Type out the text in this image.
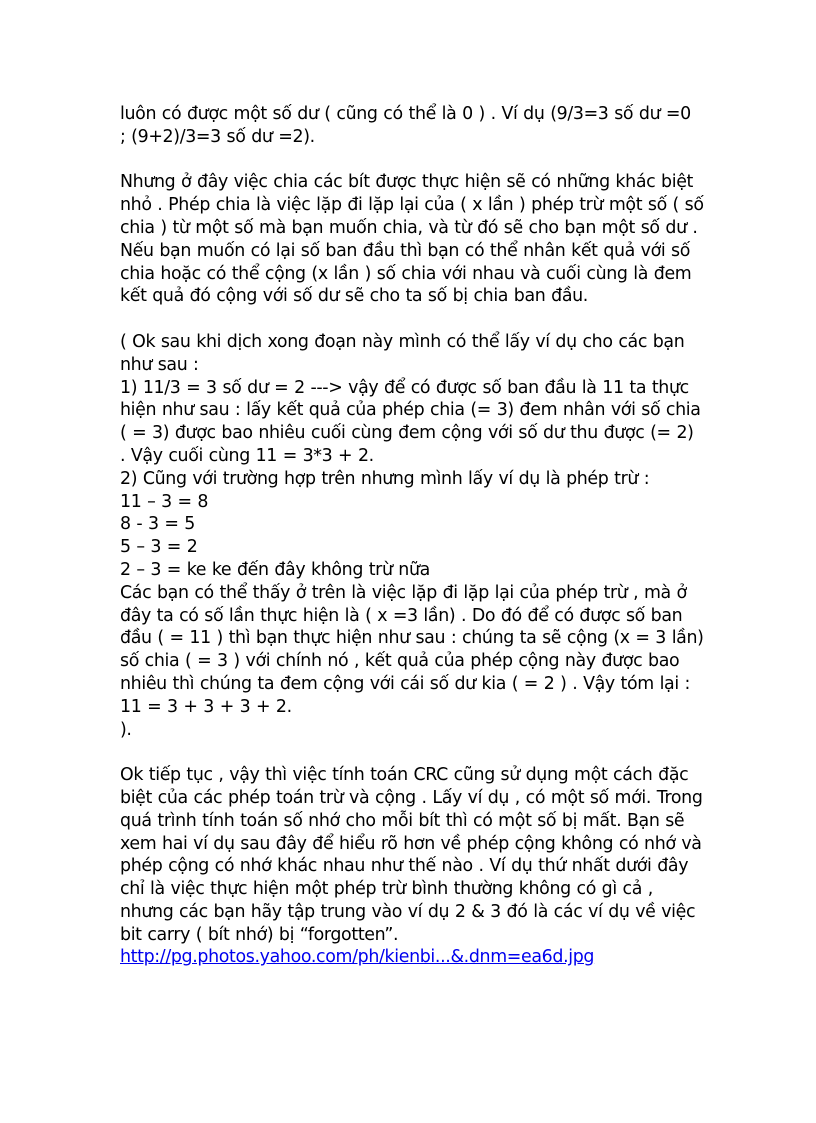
luôn có được một số dư ( cũng có thể là 0 ) . Ví dụ (9/3=3 số dư =0
; (9+2)/3=3 số dư =2).
Nhưng ở đây việc chia các bít được thực hiện sẽ có những khác biệt
nhỏ . Phép chia là việc lặp đi lặp lại của ( x lần ) phép trừ một số ( số
chia ) từ một số mà bạn muốn chia, và từ đó sẽ cho bạn một số dư .
Nếu bạn muốn có lại số ban đầu thì bạn có thể nhân kết quả với số
chia hoặc có thể cộng (x lần ) số chia với nhau và cuối cùng là đem
kết quả đó cộng với số dư sẽ cho ta số bị chia ban đầu.
( Ok sau khi dịch xong đoạn này mình có thể lấy ví dụ cho các bạn
như sau :
1) 11/3 = 3 số dư = 2 ---> vậy để có được số ban đầu là 11 ta thực
hiện như sau : lấy kết quả của phép chia (= 3) đem nhân với số chia
( = 3) được bao nhiêu cuối cùng đem cộng với số dư thu được (= 2)
. Vậy cuối cùng 11 = 3*3 + 2.
2) Cũng với trường hợp trên nhưng mình lấy ví dụ là phép trừ :
11 – 3 = 8
8 - 3 = 5
5 – 3 = 2
2 – 3 = ke ke đến đây không trừ nữa
Các bạn có thể thấy ở trên là việc lặp đi lặp lại của phép trừ , mà ở
đây ta có số lần thực hiện là ( x =3 lần) . Do đó để có được số ban
đầu ( = 11 ) thì bạn thực hiện như sau : chúng ta sẽ cộng (x = 3 lần)
số chia ( = 3 ) với chính nó , kết quả của phép cộng này được bao
nhiêu thì chúng ta đem cộng với cái số dư kia ( = 2 ) . Vậy tóm lại :
11 = 3 + 3 + 3 + 2.
).
Ok tiếp tục , vậy thì việc tính toán CRC cũng sử dụng một cách đặc
biệt của các phép toán trừ và cộng . Lấy ví dụ , có một số mới. Trong
quá trình tính toán số nhớ cho mỗi bít thì có một số bị mất. Bạn sẽ
xem hai ví dụ sau đây để hiểu rõ hơn về phép cộng không có nhớ và
phép cộng có nhớ khác nhau như thế nào . Ví dụ thứ nhất dưới đây
chỉ là việc thực hiện một phép trừ bình thường không có gì cả ,
nhưng các bạn hãy tập trung vào ví dụ 2 & 3 đó là các ví dụ về việc
bit carry ( bít nhớ) bị “forgotten”.
http://pg.photos.yahoo.com/ph/kienbi...&.dnm=ea6d.jpg
